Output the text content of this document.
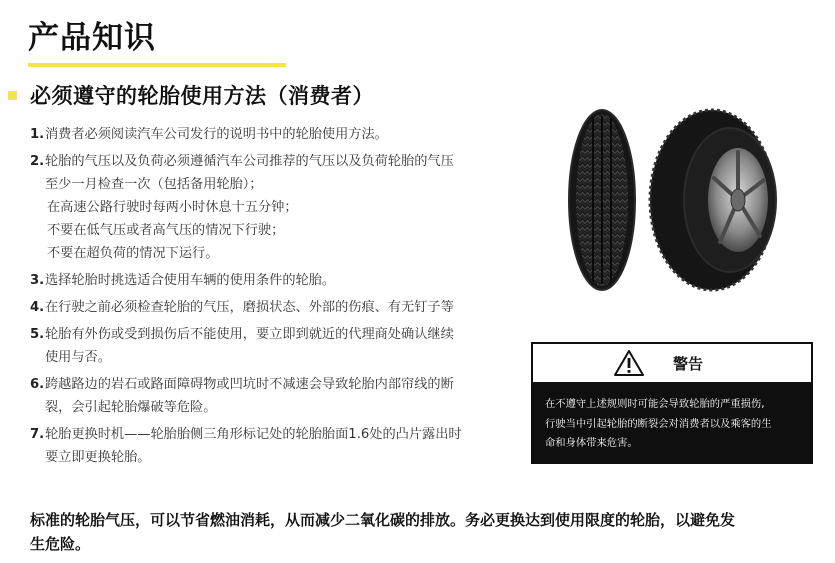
产品知识
必须遵守的轮胎使用方法（消费者）
1. 消费者必须阅读汽车公司发行的说明书中的轮胎使用方法。
2. 轮胎的气压以及负荷必须遵循汽车公司推荐的气压以及负荷轮胎的气压
至少一月检查一次（包括备用轮胎）；
在高速公路行驶时每两小时休息十五分钟；
不要在低气压或者高气压的情况下行驶；
不要在超负荷的情况下运行。
3. 选择轮胎时挑选适合使用车辆的使用条件的轮胎。
4. 在行驶之前必须检查轮胎的气压，磨损状态、外部的伤痕、有无钉子等
5. 轮胎有外伤或受到损伤后不能使用，要立即到就近的代理商处确认继续
使用与否。
6. 跨越路边的岩石或路面障碍物或凹坑时不减速会导致轮胎内部帘线的断
裂，会引起轮胎爆破等危险。
7. 轮胎更换时机——轮胎胎侧三角形标记处的轮胎胎面1.6处的凸片露出时
要立即更换轮胎。
警告
在不遵守上述规则时可能会导致轮胎的严重损伤,
行驶当中引起轮胎的断裂会对消费者以及乘客的生
命和身体带来危害。
标准的轮胎气压，可以节省燃油消耗，从而减少二氧化碳的排放。务必更换达到使用限度的轮胎，以避免发
生危险。
